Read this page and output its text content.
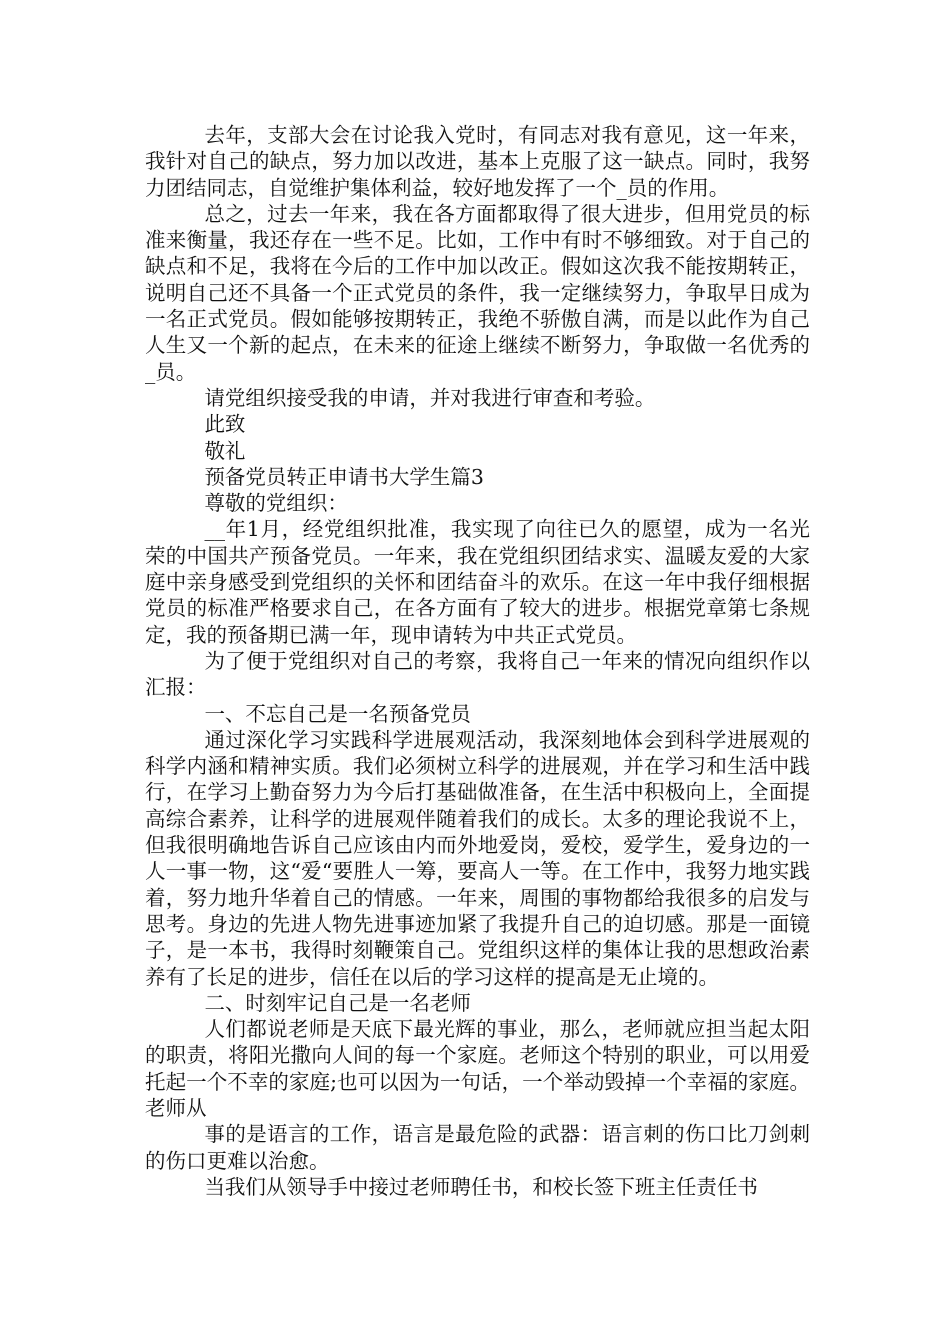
去年，支部大会在讨论我入党时，有同志对我有意见，这一年来，我针对自己的缺点，努力加以改进，基本上克服了这一缺点。同时，我努力团结同志，自觉维护集体利益，较好地发挥了一个_员的作用。

总之，过去一年来，我在各方面都取得了很大进步，但用党员的标准来衡量，我还存在一些不足。比如，工作中有时不够细致。对于自己的缺点和不足，我将在今后的工作中加以改正。假如这次我不能按期转正，说明自己还不具备一个正式党员的条件，我一定继续努力，争取早日成为一名正式党员。假如能够按期转正，我绝不骄傲自满，而是以此作为自己人生又一个新的起点，在未来的征途上继续不断努力，争取做一名优秀的_员。

请党组织接受我的申请，并对我进行审查和考验。

此致

敬礼

预备党员转正申请书大学生篇3

尊敬的党组织：

__年1月，经党组织批准，我实现了向往已久的愿望，成为一名光荣的中国共产预备党员。一年来，我在党组织团结求实、温暖友爱的大家庭中亲身感受到党组织的关怀和团结奋斗的欢乐。在这一年中我仔细根据党员的标准严格要求自己，在各方面有了较大的进步。根据党章第七条规定，我的预备期已满一年，现申请转为中共正式党员。

为了便于党组织对自己的考察，我将自己一年来的情况向组织作以汇报：

一、不忘自己是一名预备党员

通过深化学习实践科学进展观活动，我深刻地体会到科学进展观的科学内涵和精神实质。我们必须树立科学的进展观，并在学习和生活中践行，在学习上勤奋努力为今后打基础做准备，在生活中积极向上，全面提高综合素养，让科学的进展观伴随着我们的成长。太多的理论我说不上，但我很明确地告诉自己应该由内而外地爱岗，爱校，爱学生，爱身边的一人一事一物，这“爱“要胜人一筹，要高人一等。在工作中，我努力地实践着，努力地升华着自己的情感。一年来，周围的事物都给我很多的启发与思考。身边的先进人物先进事迹加紧了我提升自己的迫切感。那是一面镜子，是一本书，我得时刻鞭策自己。党组织这样的集体让我的思想政治素养有了长足的进步，信任在以后的学习这样的提高是无止境的。

二、时刻牢记自己是一名老师

人们都说老师是天底下最光辉的事业，那么，老师就应担当起太阳的职责，将阳光撒向人间的每一个家庭。老师这个特别的职业，可以用爱托起一个不幸的家庭;也可以因为一句话，一个举动毁掉一个幸福的家庭。老师从

事的是语言的工作，语言是最危险的武器：语言刺的伤口比刀剑刺的伤口更难以治愈。

当我们从领导手中接过老师聘任书，和校长签下班主任责任书
